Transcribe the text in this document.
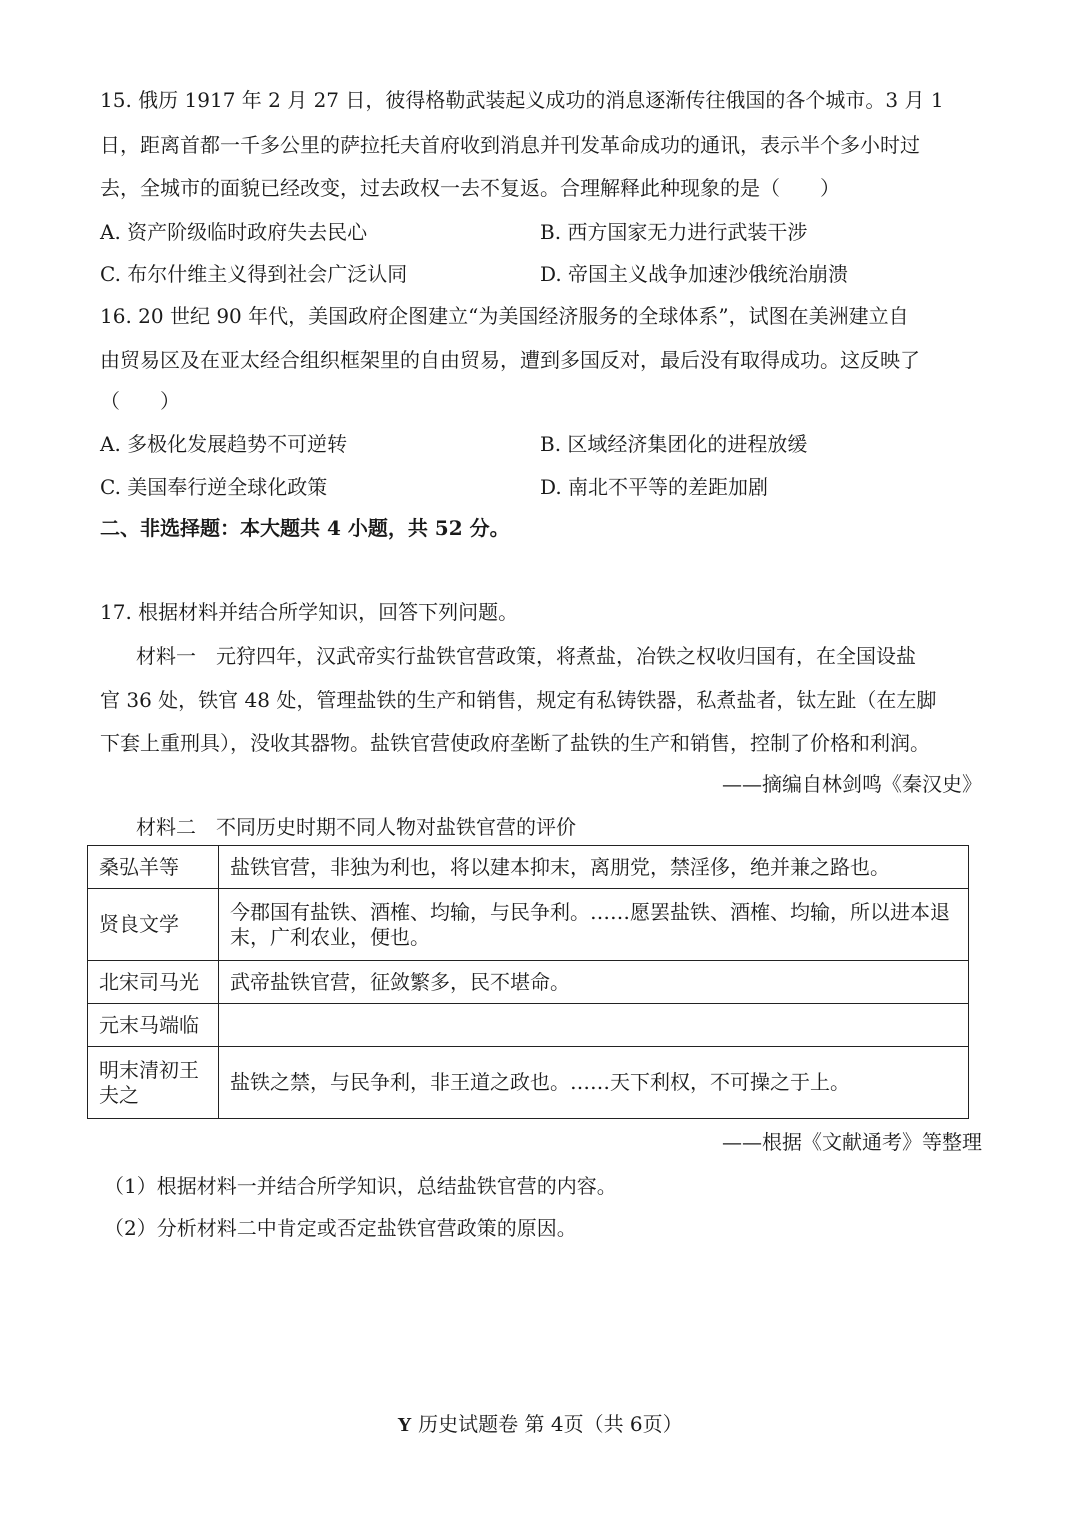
15. 俄历 1917 年 2 月 27 日，彼得格勒武装起义成功的消息逐渐传往俄国的各个城市。3 月 1
日，距离首都一千多公里的萨拉托夫首府收到消息并刊发革命成功的通讯，表示半个多小时过
去，全城市的面貌已经改变，过去政权一去不复返。合理解释此种现象的是（　　）
A. 资产阶级临时政府失去民心	B. 西方国家无力进行武装干涉
C. 布尔什维主义得到社会广泛认同	D. 帝国主义战争加速沙俄统治崩溃
16. 20 世纪 90 年代，美国政府企图建立“为美国经济服务的全球体系”，试图在美洲建立自
由贸易区及在亚太经合组织框架里的自由贸易，遭到多国反对，最后没有取得成功。这反映了
（　　）
A. 多极化发展趋势不可逆转	B. 区域经济集团化的进程放缓
C. 美国奉行逆全球化政策	D. 南北不平等的差距加剧
二、非选择题：本大题共 4 小题，共 52 分。
17. 根据材料并结合所学知识，回答下列问题。
材料一　元狩四年，汉武帝实行盐铁官营政策，将煮盐，冶铁之权收归国有，在全国设盐
官 36 处，铁官 48 处，管理盐铁的生产和销售，规定有私铸铁器，私煮盐者，钛左趾（在左脚
下套上重刑具），没收其器物。盐铁官营使政府垄断了盐铁的生产和销售，控制了价格和利润。
——摘编自林剑鸣《秦汉史》
材料二　不同历史时期不同人物对盐铁官营的评价
桑弘羊等	盐铁官营，非独为利也，将以建本抑末，离朋党，禁淫侈，绝并兼之路也。
贤良文学	今郡国有盐铁、酒榷、均输，与民争利。……愿罢盐铁、酒榷、均输，所以进本退末，广利农业，便也。
北宋司马光	武帝盐铁官营，征敛繁多，民不堪命。
元末马端临	
明末清初王夫之	盐铁之禁，与民争利，非王道之政也。……天下利权，不可操之于上。
——根据《文献通考》等整理
（1）根据材料一并结合所学知识，总结盐铁官营的内容。
（2）分析材料二中肯定或否定盐铁官营政策的原因。
Y 历史试题卷 第 4页（共 6页）
